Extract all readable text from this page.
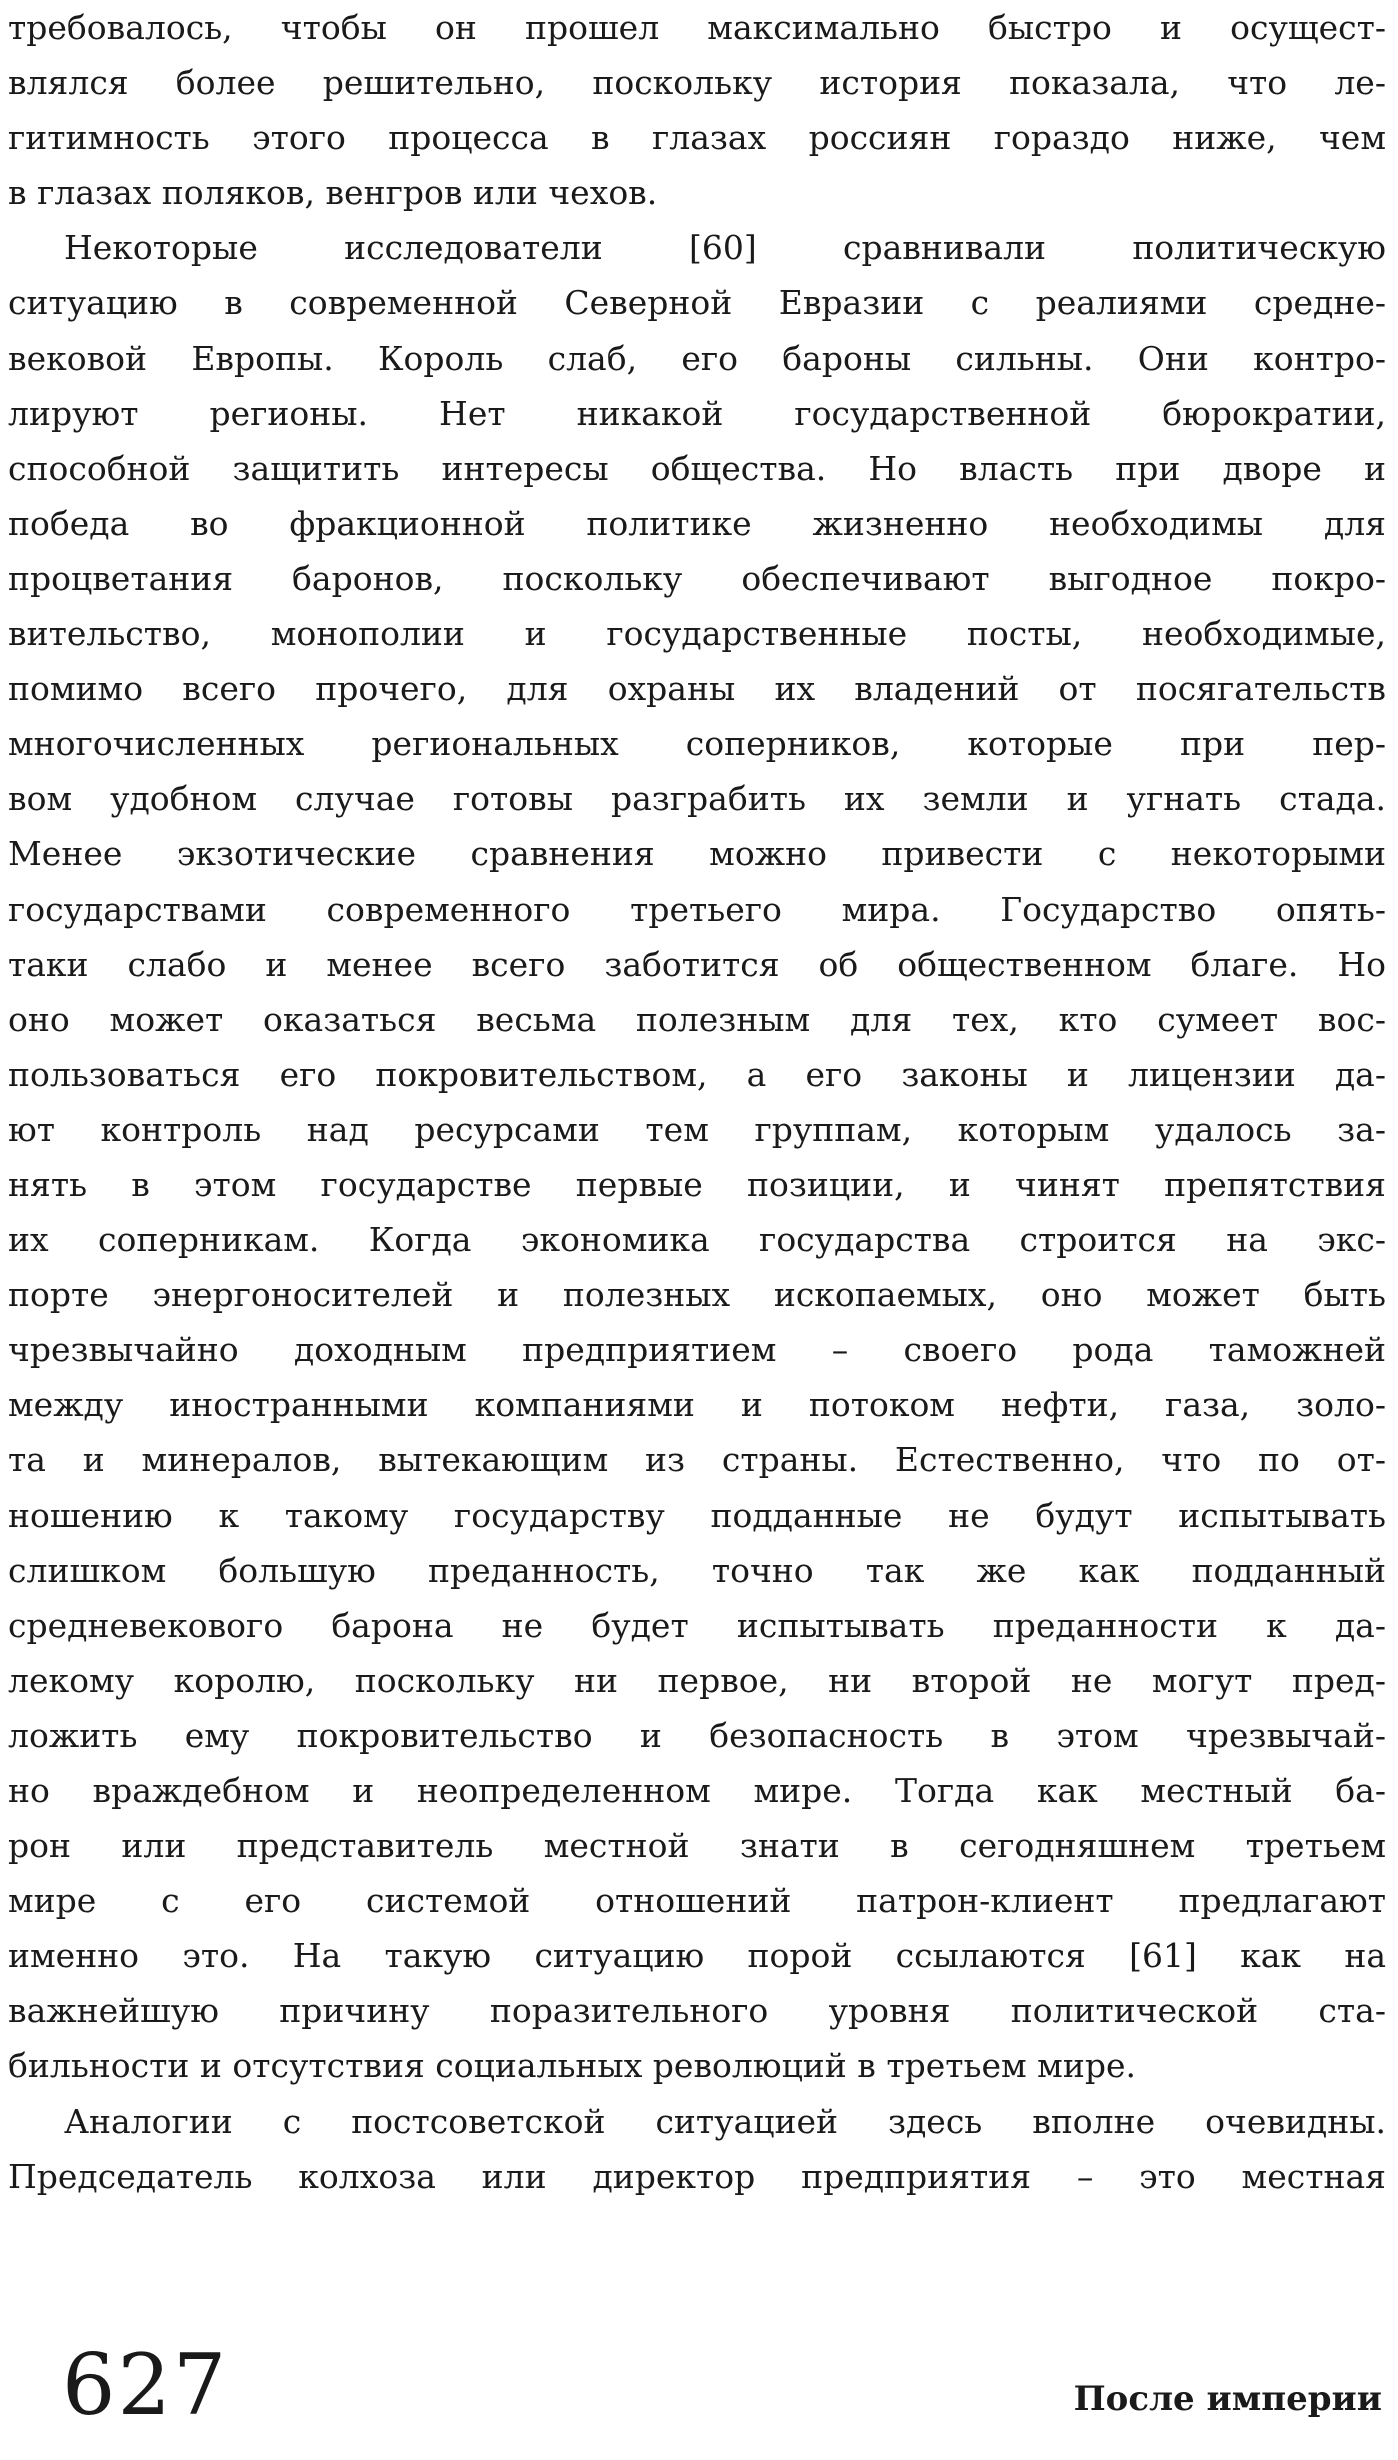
требовалось, чтобы он прошел максимально быстро и осущест-
влялся более решительно, поскольку история показала, что ле-
гитимность этого процесса в глазах россиян гораздо ниже, чем
в глазах поляков, венгров или чехов.
Некоторые исследователи [60] сравнивали политическую
ситуацию в современной Северной Евразии с реалиями средне-
вековой Европы. Король слаб, его бароны сильны. Они контро-
лируют регионы. Нет никакой государственной бюрократии,
способной защитить интересы общества. Но власть при дворе и
победа во фракционной политике жизненно необходимы для
процветания баронов, поскольку обеспечивают выгодное покро-
вительство, монополии и государственные посты, необходимые,
помимо всего прочего, для охраны их владений от посягательств
многочисленных региональных соперников, которые при пер-
вом удобном случае готовы разграбить их земли и угнать стада.
Менее экзотические сравнения можно привести с некоторыми
государствами современного третьего мира. Государство опять-
таки слабо и менее всего заботится об общественном благе. Но
оно может оказаться весьма полезным для тех, кто сумеет вос-
пользоваться его покровительством, а его законы и лицензии да-
ют контроль над ресурсами тем группам, которым удалось за-
нять в этом государстве первые позиции, и чинят препятствия
их соперникам. Когда экономика государства строится на экс-
порте энергоносителей и полезных ископаемых, оно может быть
чрезвычайно доходным предприятием – своего рода таможней
между иностранными компаниями и потоком нефти, газа, золо-
та и минералов, вытекающим из страны. Естественно, что по от-
ношению к такому государству подданные не будут испытывать
слишком большую преданность, точно так же как подданный
средневекового барона не будет испытывать преданности к да-
лекому королю, поскольку ни первое, ни второй не могут пред-
ложить ему покровительство и безопасность в этом чрезвычай-
но враждебном и неопределенном мире. Тогда как местный ба-
рон или представитель местной знати в сегодняшнем третьем
мире с его системой отношений патрон-клиент предлагают
именно это. На такую ситуацию порой ссылаются [61] как на
важнейшую причину поразительного уровня политической ста-
бильности и отсутствия социальных революций в третьем мире.
Аналогии с постсоветской ситуацией здесь вполне очевидны.
Председатель колхоза или директор предприятия – это местная
627	После империи
